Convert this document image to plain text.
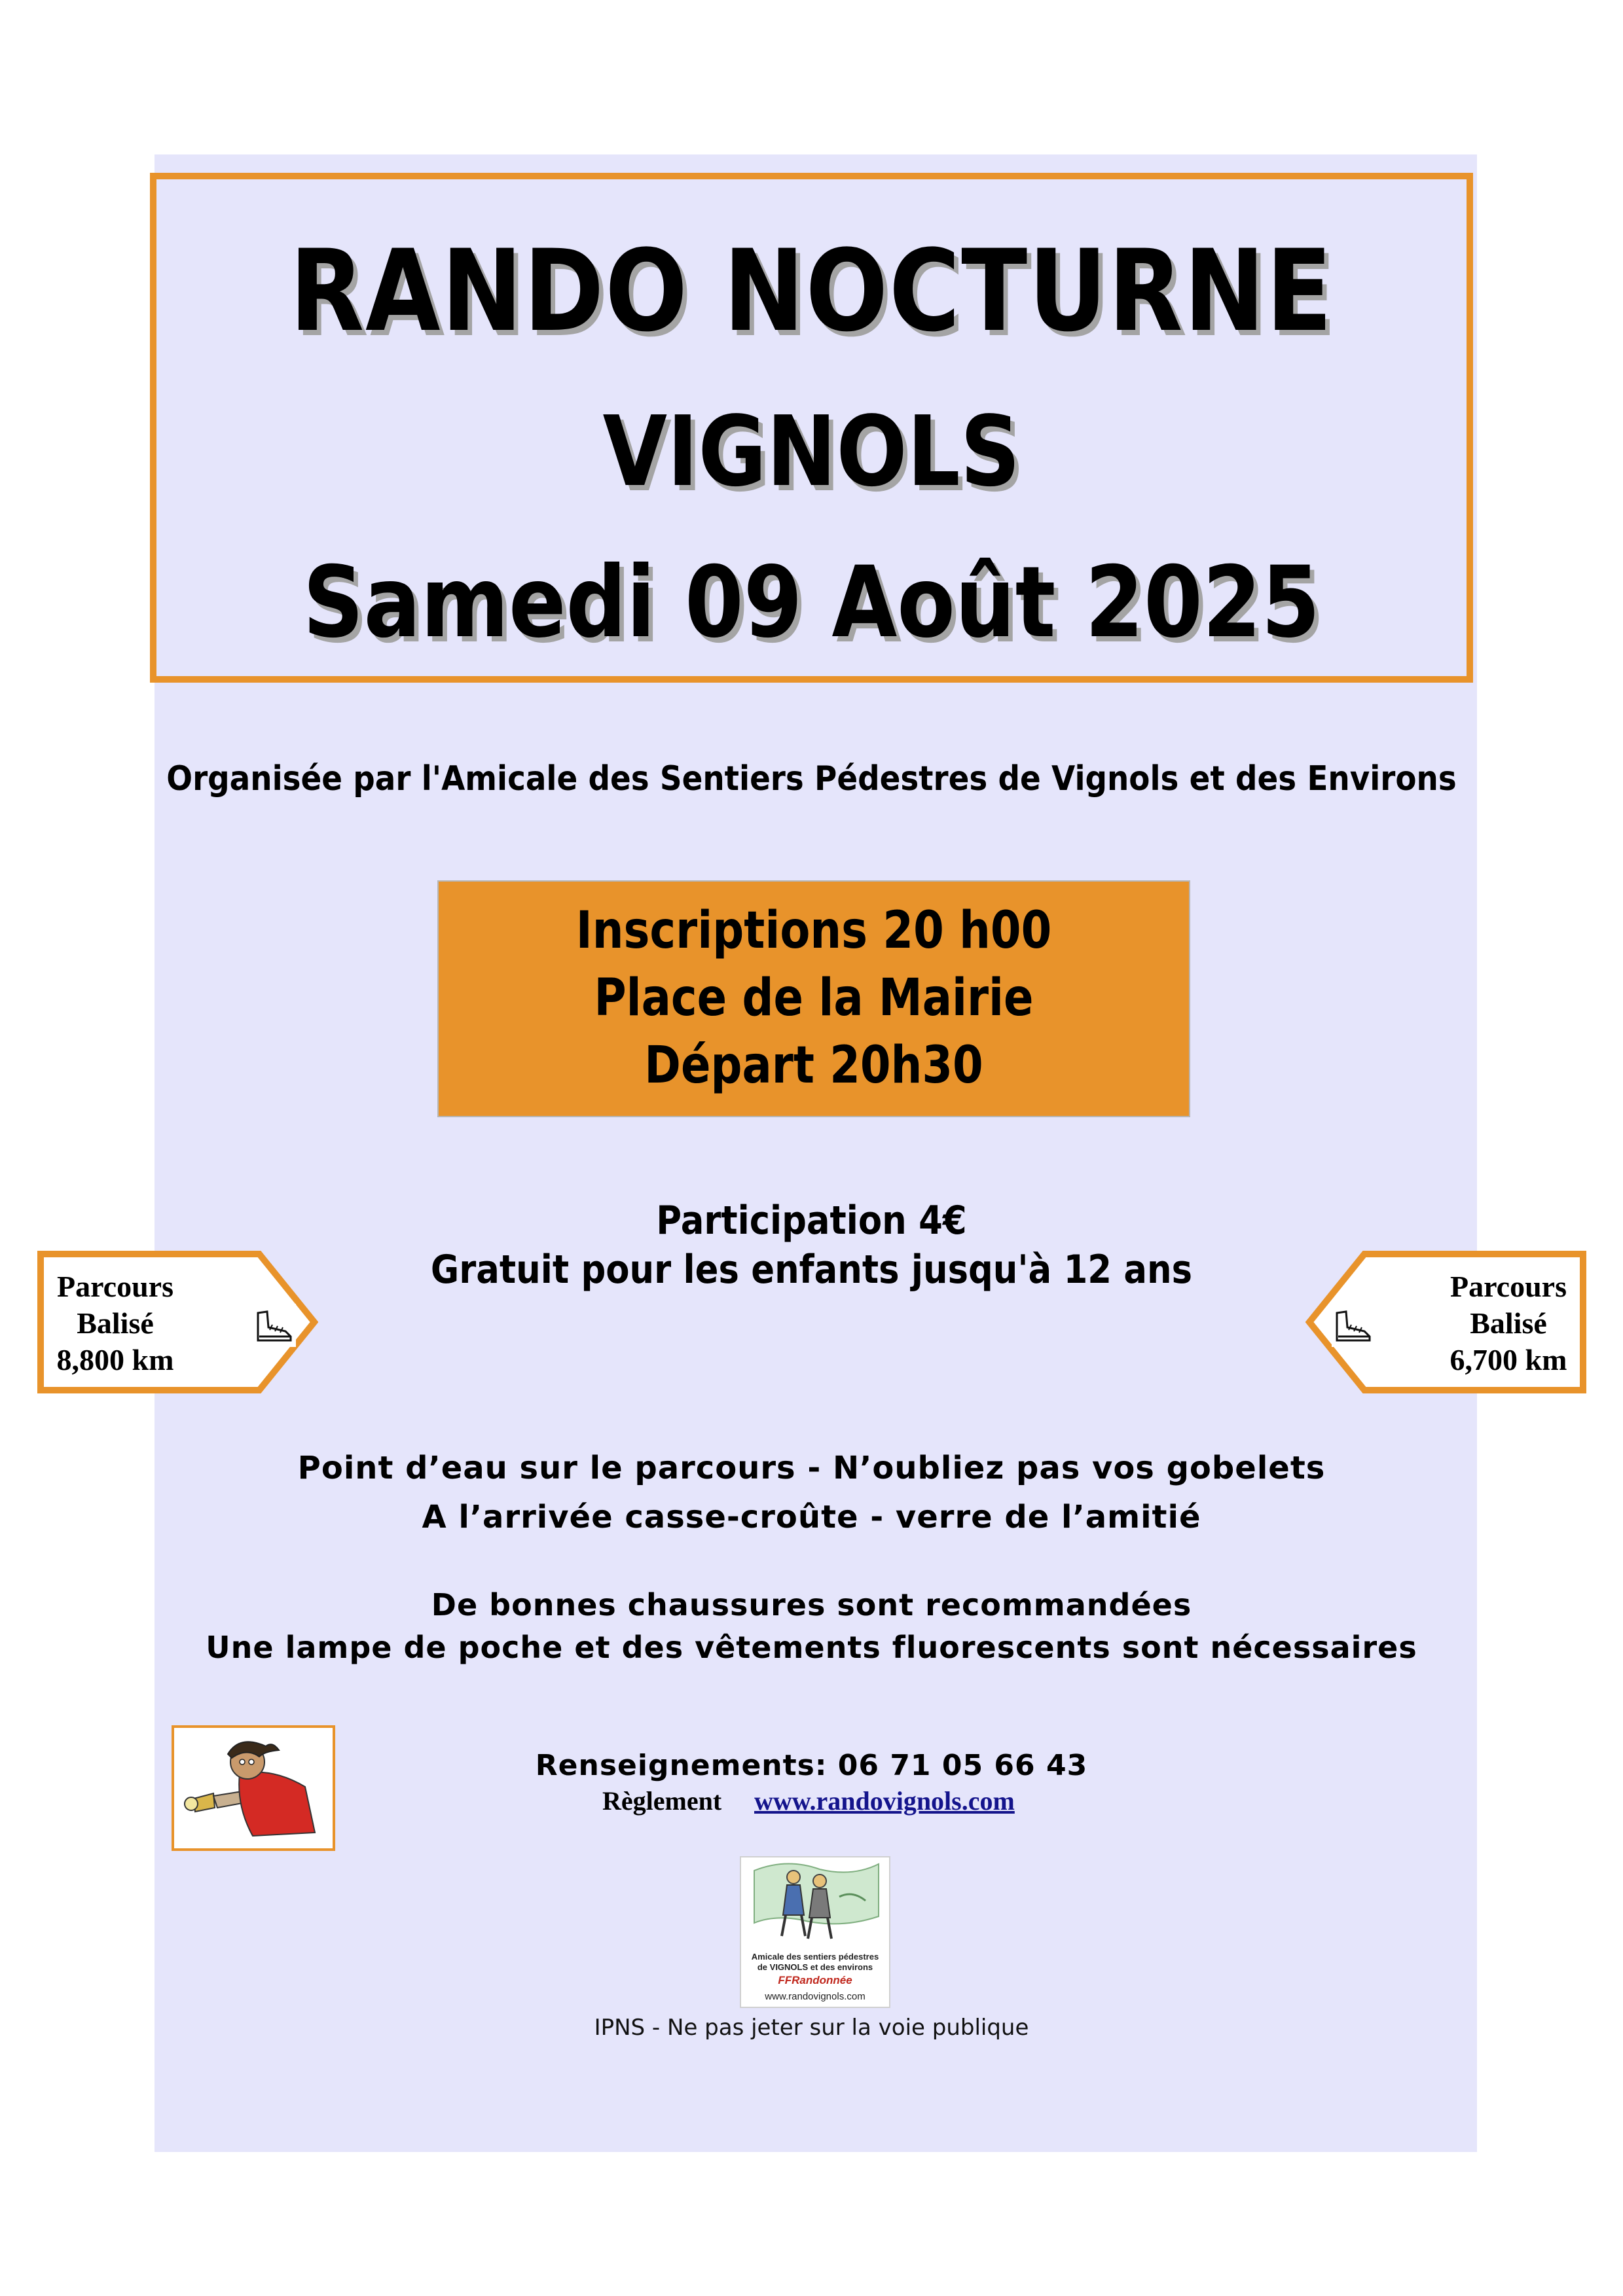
RANDO NOCTURNE
VIGNOLS
Samedi 09 Août 2025
Organisée par l'Amicale des Sentiers Pédestres de Vignols et des Environs
Inscriptions 20 h00
Place de la Mairie
Départ 20h30
Participation 4€
Gratuit pour les enfants jusqu'à 12 ans
Parcours
Balisé
8,800 km
Parcours
Balisé
6,700 km
Point d’eau sur le parcours - N’oubliez pas vos gobelets
A l’arrivée casse-croûte - verre de l’amitié
De bonnes chaussures sont recommandées
Une lampe de poche et des vêtements fluorescents sont nécessaires
Renseignements: 06 71 05 66 43
Règlement www.randovignols.com
Amicale des sentiers pédestres
de VIGNOLS et des environs
FFRandonnée
www.randovignols.com
IPNS - Ne pas jeter sur la voie publique
